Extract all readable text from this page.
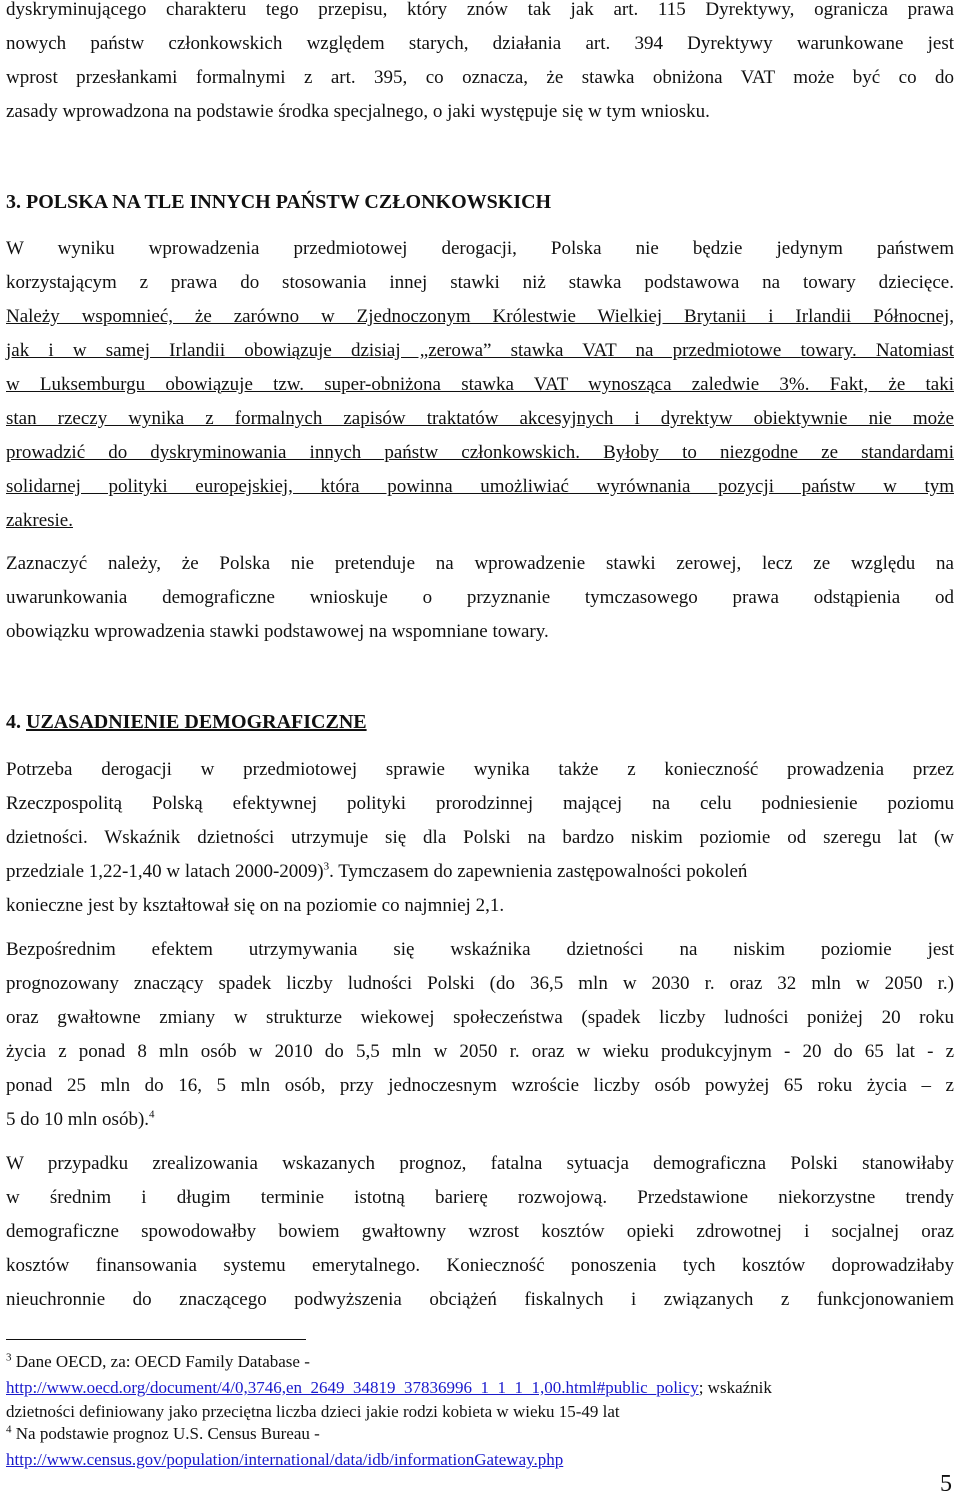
dyskryminującego charakteru tego przepisu, który znów tak jak art. 115 Dyrektywy, ogranicza prawa
nowych państw członkowskich względem starych, działania art. 394 Dyrektywy warunkowane jest
wprost przesłankami formalnymi z art. 395, co oznacza, że stawka obniżona VAT może być co do
zasady wprowadzona na podstawie środka specjalnego, o jaki występuje się w tym wniosku.
3. POLSKA NA TLE INNYCH PAŃSTW CZŁONKOWSKICH
W wyniku wprowadzenia przedmiotowej derogacji, Polska nie będzie jedynym państwem
korzystającym z prawa do stosowania innej stawki niż stawka podstawowa na towary dziecięce.
Należy wspomnieć, że zarówno w Zjednoczonym Królestwie Wielkiej Brytanii i Irlandii Północnej,
jak i w samej Irlandii obowiązuje dzisiaj „zerowa” stawka VAT na przedmiotowe towary. Natomiast
w Luksemburgu obowiązuje tzw. super-obniżona stawka VAT wynosząca zaledwie 3%. Fakt, że taki
stan rzeczy wynika z formalnych zapisów traktatów akcesyjnych i dyrektyw obiektywnie nie może
prowadzić do dyskryminowania innych państw członkowskich. Byłoby to niezgodne ze standardami
solidarnej polityki europejskiej, która powinna umożliwiać wyrównania pozycji państw w tym
zakresie.
Zaznaczyć należy, że Polska nie pretenduje na wprowadzenie stawki zerowej, lecz ze względu na
uwarunkowania demograficzne wnioskuje o przyznanie tymczasowego prawa odstąpienia od
obowiązku wprowadzenia stawki podstawowej na wspomniane towary.
4. UZASADNIENIE DEMOGRAFICZNE
Potrzeba derogacji w przedmiotowej sprawie wynika także z konieczność prowadzenia przez
Rzeczpospolitą Polską efektywnej polityki prorodzinnej mającej na celu podniesienie poziomu
dzietności. Wskaźnik dzietności utrzymuje się dla Polski na bardzo niskim poziomie od szeregu lat (w
przedziale 1,22-1,40 w latach 2000-2009)$^3$. Tymczasem do zapewnienia zastępowalności pokoleń
konieczne jest by kształtował się on na poziomie co najmniej 2,1.
Bezpośrednim efektem utrzymywania się wskaźnika dzietności na niskim poziomie jest
prognozowany znaczący spadek liczby ludności Polski (do 36,5 mln w 2030 r. oraz 32 mln w 2050 r.)
oraz gwałtowne zmiany w strukturze wiekowej społeczeństwa (spadek liczby ludności poniżej 20 roku
życia z ponad 8 mln osób w 2010 do 5,5 mln w 2050 r. oraz w wieku produkcyjnym - 20 do 65 lat - z
ponad 25 mln do 16, 5 mln osób, przy jednoczesnym wzroście liczby osób powyżej 65 roku życia – z
5 do 10 mln osób).$^4$
W przypadku zrealizowania wskazanych prognoz, fatalna sytuacja demograficzna Polski stanowiłaby
w średnim i długim terminie istotną barierę rozwojową. Przedstawione niekorzystne trendy
demograficzne spowodowałby bowiem gwałtowny wzrost kosztów opieki zdrowotnej i socjalnej oraz
kosztów finansowania systemu emerytalnego. Konieczność ponoszenia tych kosztów doprowadziłaby
nieuchronnie do znaczącego podwyższenia obciążeń fiskalnych i związanych z funkcjonowaniem
$^3$ Dane OECD, za: OECD Family Database -
http://www.oecd.org/document/4/0,3746,en_2649_34819_37836996_1_1_1_1,00.html#public_policy; wskaźnik
dzietności definiowany jako przeciętna liczba dzieci jakie rodzi kobieta w wieku 15-49 lat
$^4$ Na podstawie prognoz U.S. Census Bureau -
http://www.census.gov/population/international/data/idb/informationGateway.php
5
